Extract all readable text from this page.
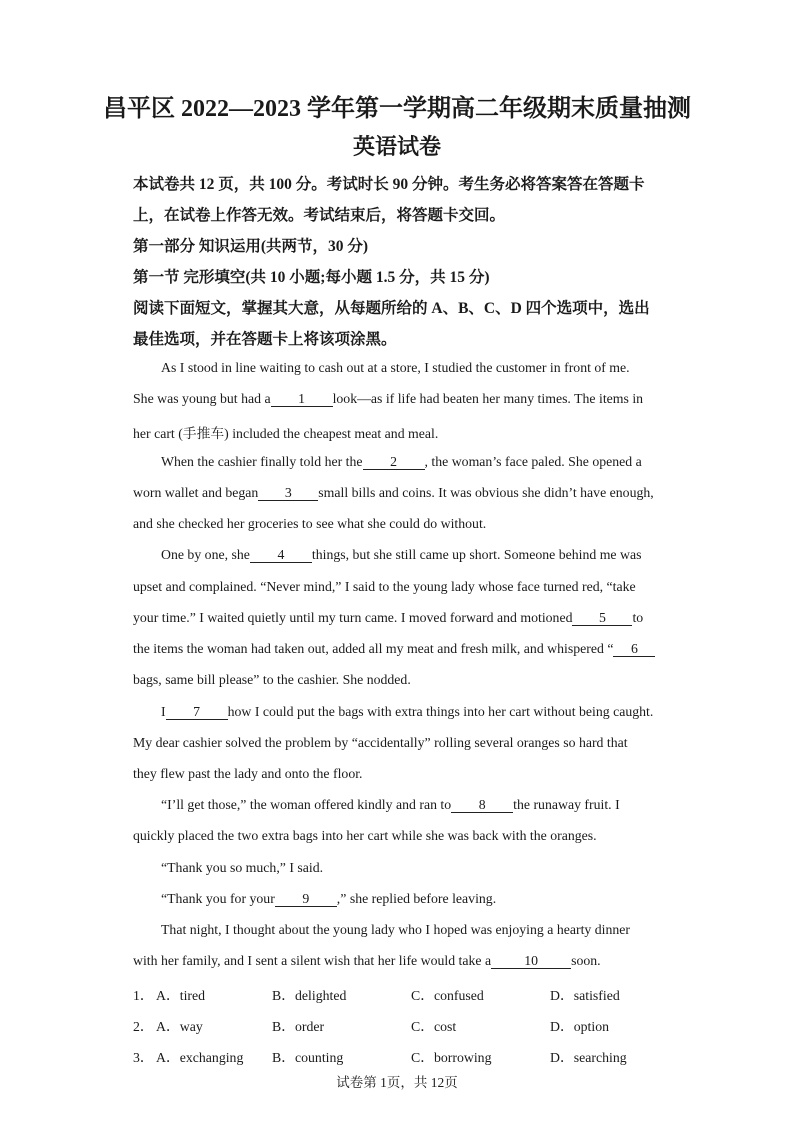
昌平区 2022—2023 学年第一学期高二年级期末质量抽测
英语试卷
本试卷共 12 页，共 100 分。考试时长 90 分钟。考生务必将答案答在答题卡
上，在试卷上作答无效。考试结束后，将答题卡交回。
第一部分 知识运用(共两节，30 分)
第一节 完形填空(共 10 小题;每小题 1.5 分，共 15 分)
阅读下面短文，掌握其大意，从每题所给的 A、B、C、D 四个选项中，选出
最佳选项，并在答题卡上将该项涂黑。
As I stood in line waiting to cash out at a store, I studied the customer in front of me.
She was young but had a 1 look—as if life had beaten her many times. The items in
her cart (手推车) included the cheapest meat and meal.
When the cashier finally told her the 2 , the woman’s face paled. She opened a
worn wallet and began 3 small bills and coins. It was obvious she didn’t have enough,
and she checked her groceries to see what she could do without.
One by one, she 4 things, but she still came up short. Someone behind me was
upset and complained. “Never mind,” I said to the young lady whose face turned red, “take
your time.” I waited quietly until my turn came. I moved forward and motioned 5 to
the items the woman had taken out, added all my meat and fresh milk, and whispered “ 6
bags, same bill please” to the cashier. She nodded.
I 7 how I could put the bags with extra things into her cart without being caught.
My dear cashier solved the problem by “accidentally” rolling several oranges so hard that
they flew past the lady and onto the floor.
“I’ll get those,” the woman offered kindly and ran to 8 the runaway fruit. I
quickly placed the two extra bags into her cart while she was back with the oranges.
“Thank you so much,” I said.
“Thank you for your 9 ,” she replied before leaving.
That night, I thought about the young lady who I hoped was enjoying a hearty dinner
with her family, and I sent a silent wish that her life would take a 10 soon.
1． A．tired	B．delighted	C．confused	D．satisfied
2． A．way	B．order	C．cost	D．option
3． A．exchanging B．counting	C．borrowing	D．searching
试卷第 1页，共 12页
